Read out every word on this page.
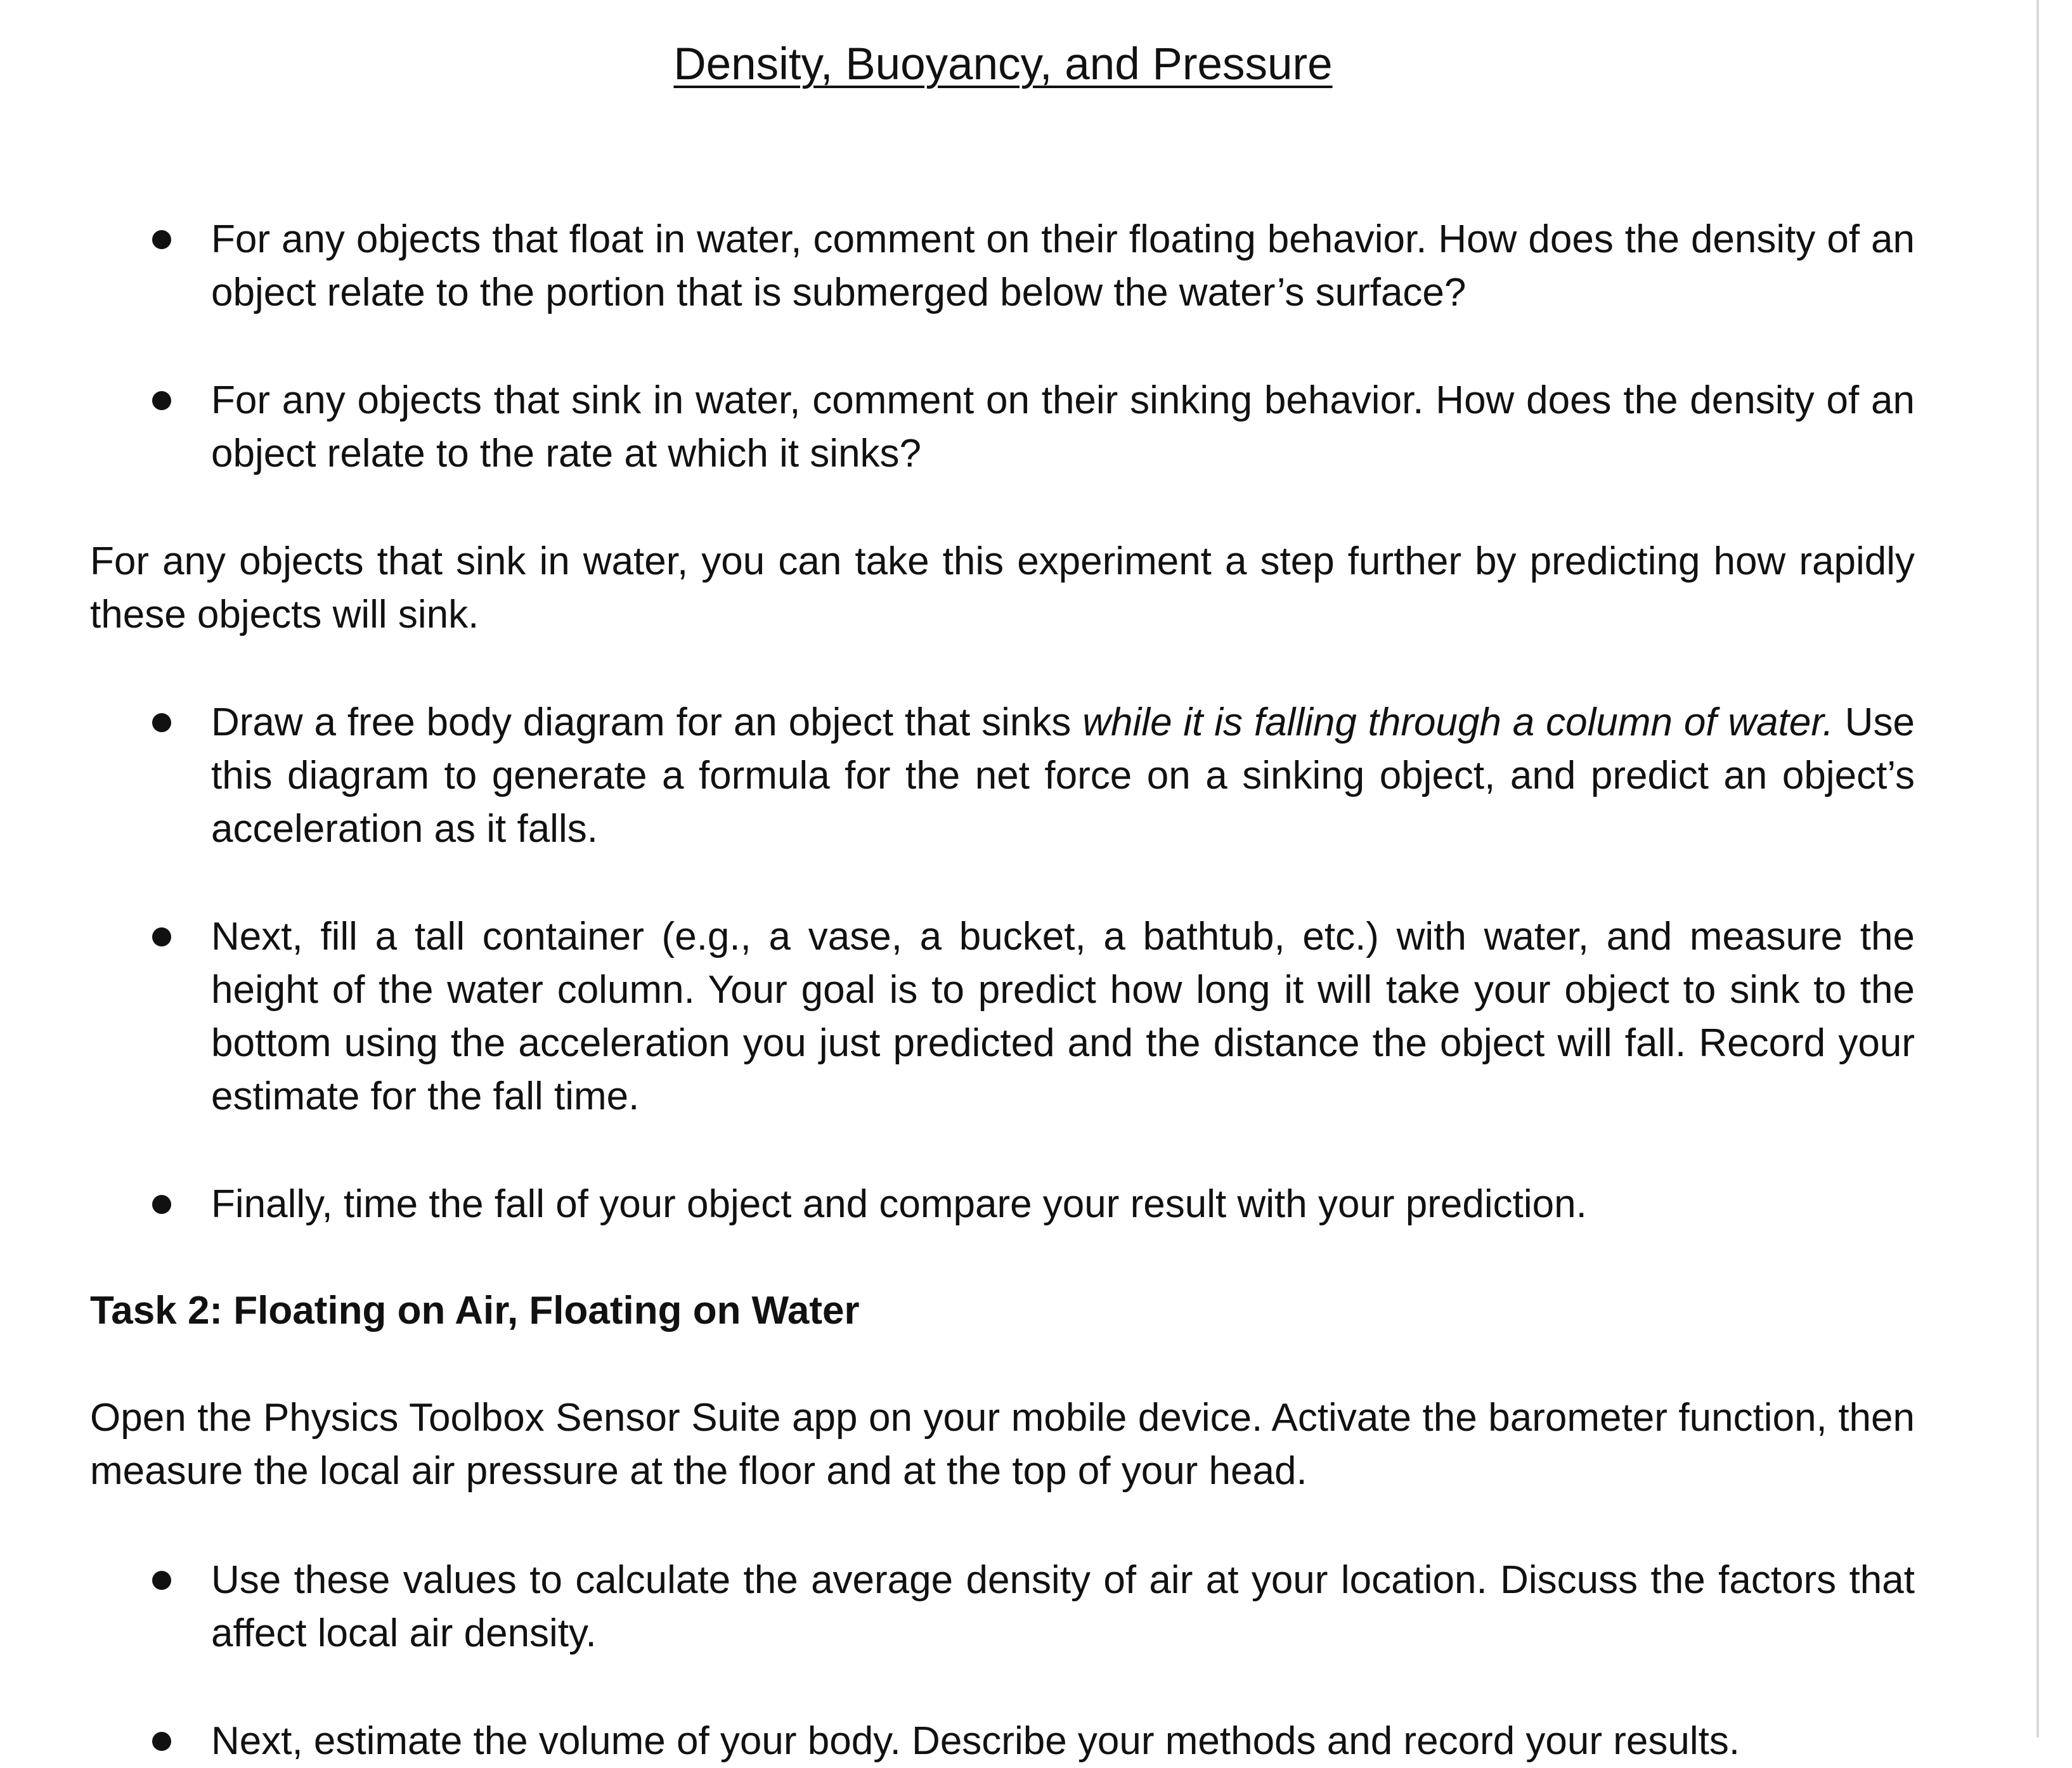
Density, Buoyancy, and Pressure

For any objects that float in water, comment on their floating behavior. How does the density of an object relate to the portion that is submerged below the water’s surface?

For any objects that sink in water, comment on their sinking behavior. How does the density of an object relate to the rate at which it sinks?

For any objects that sink in water, you can take this experiment a step further by predicting how rapidly these objects will sink.

Draw a free body diagram for an object that sinks while it is falling through a column of water. Use this diagram to generate a formula for the net force on a sinking object, and predict an object’s acceleration as it falls.

Next, fill a tall container (e.g., a vase, a bucket, a bathtub, etc.) with water, and measure the height of the water column. Your goal is to predict how long it will take your object to sink to the bottom using the acceleration you just predicted and the distance the object will fall. Record your estimate for the fall time.

Finally, time the fall of your object and compare your result with your prediction.

Task 2: Floating on Air, Floating on Water

Open the Physics Toolbox Sensor Suite app on your mobile device. Activate the barometer function, then measure the local air pressure at the floor and at the top of your head.

Use these values to calculate the average density of air at your location. Discuss the factors that affect local air density.

Next, estimate the volume of your body. Describe your methods and record your results.
